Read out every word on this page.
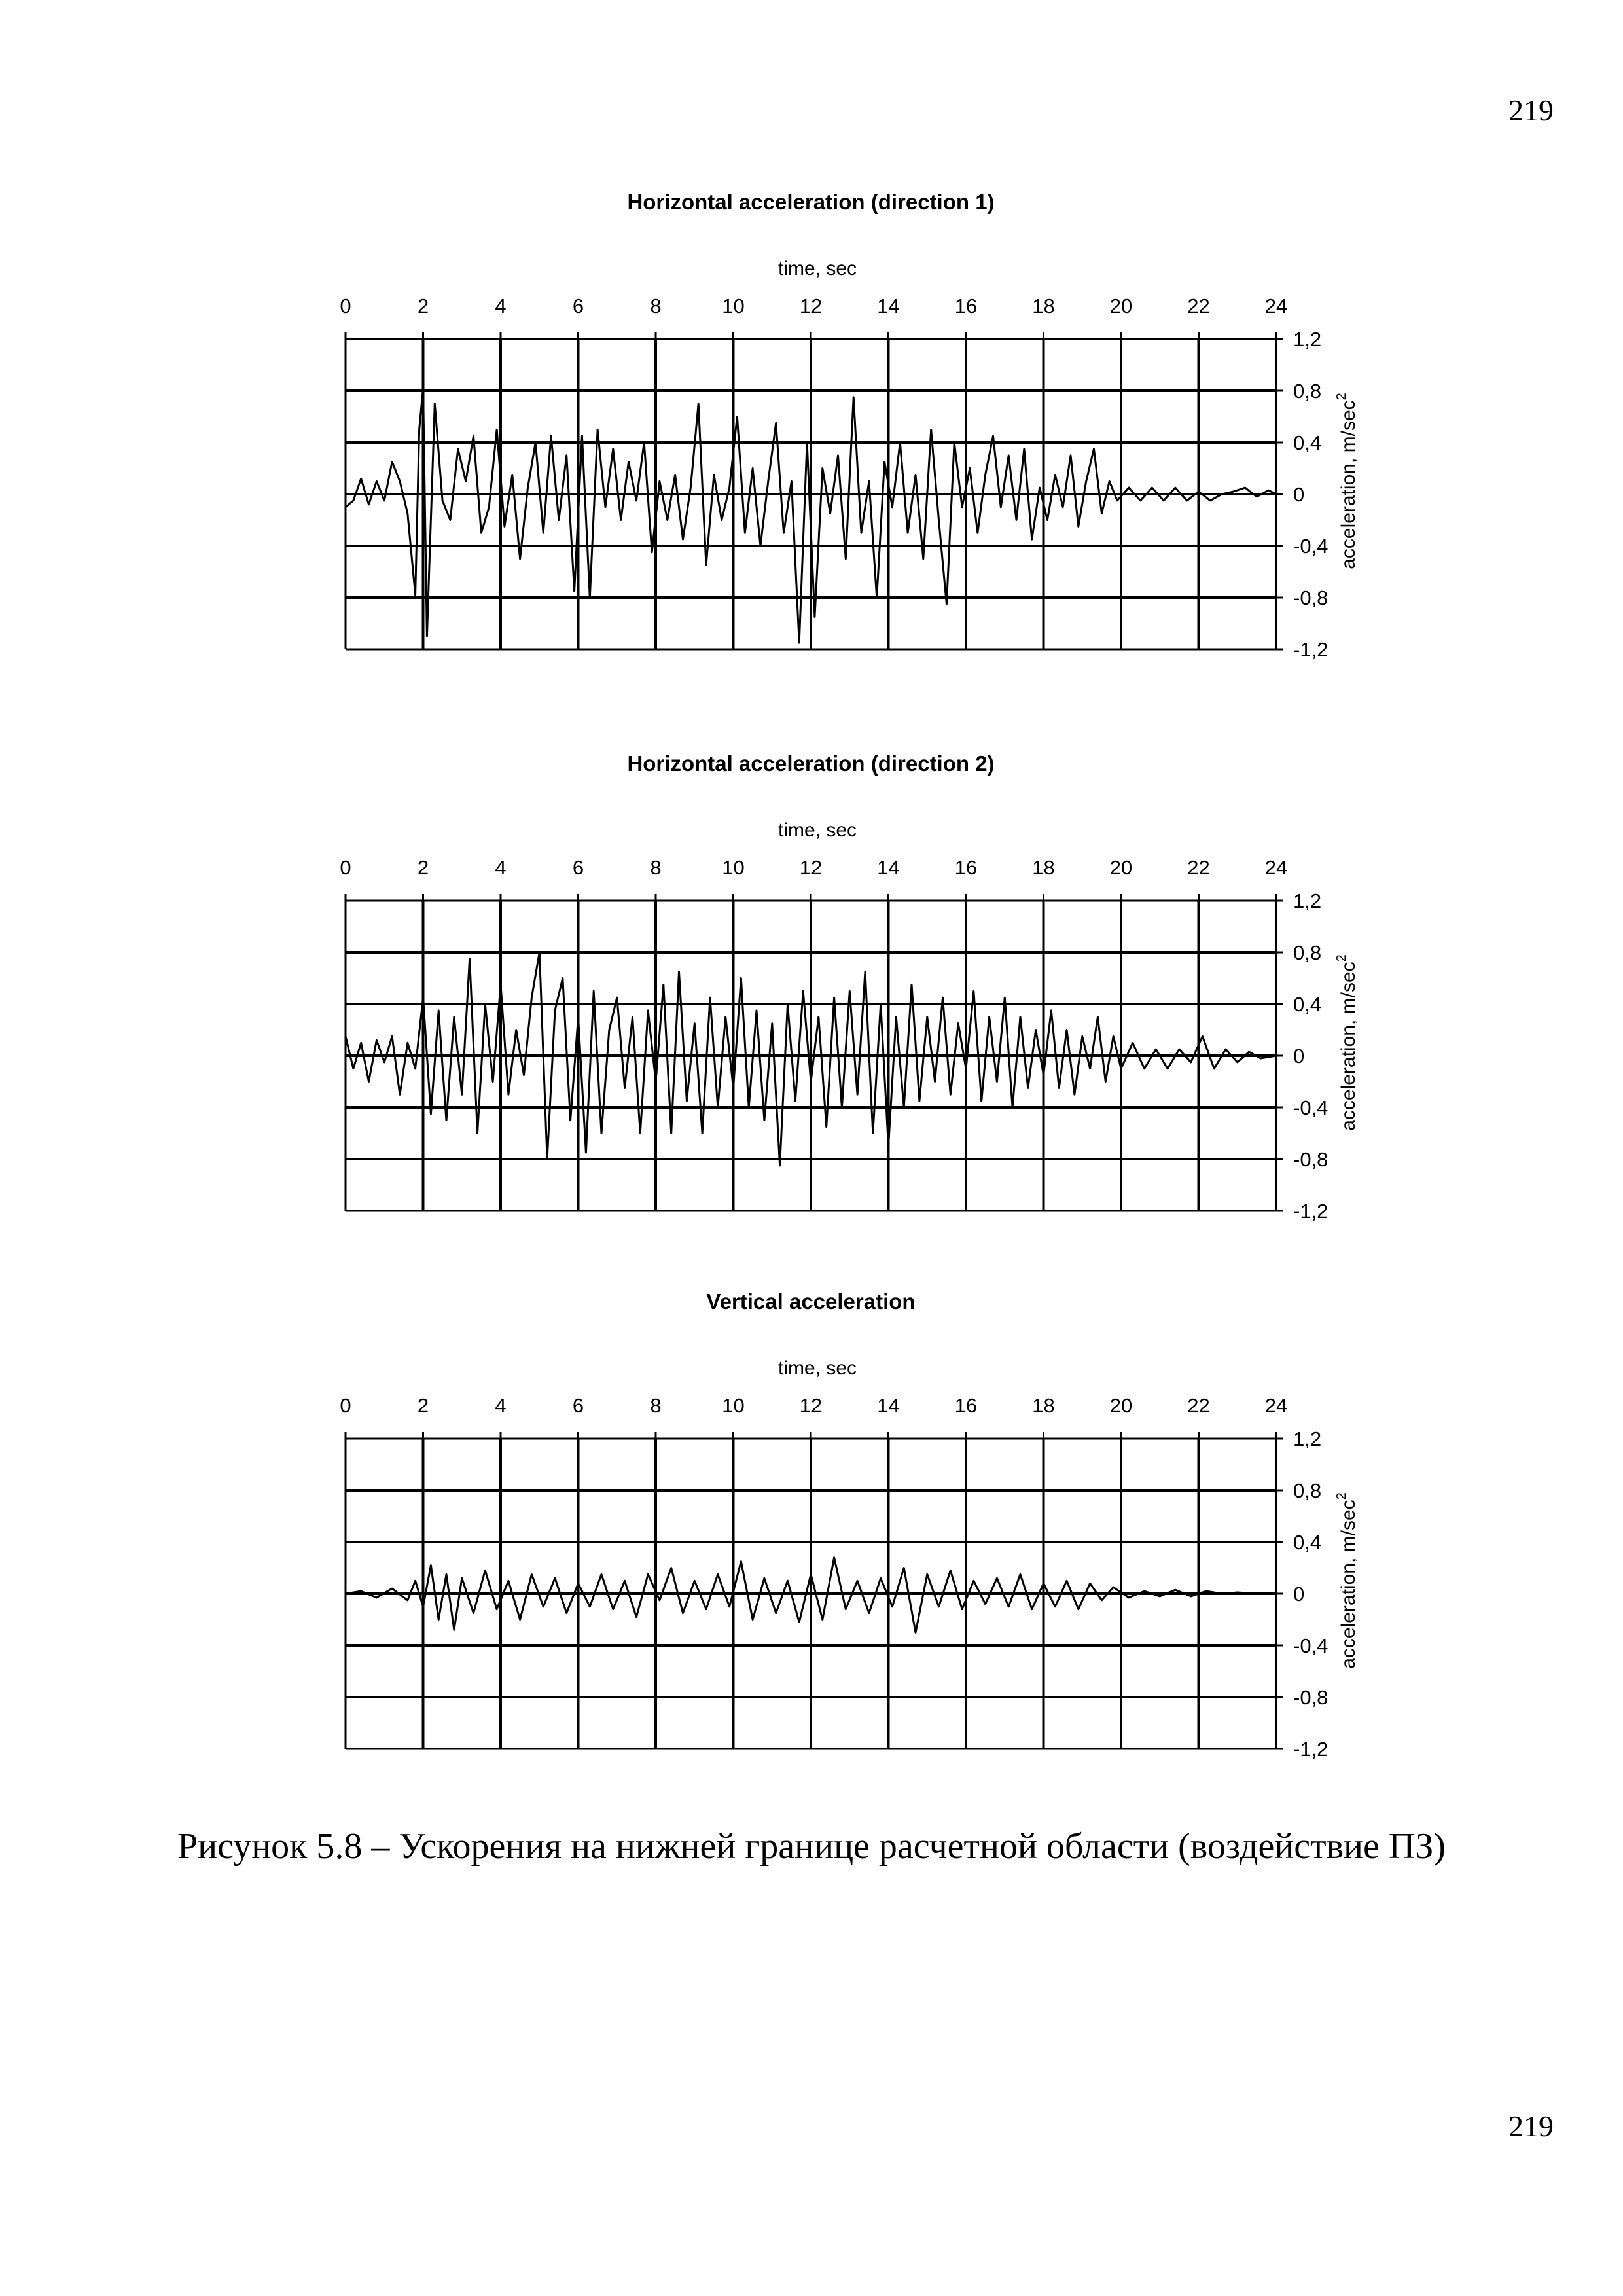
219
Horizontal acceleration (direction 1)
time, sec
0	2	4	6	8	10	12	14	16	18	20	22	24
1,2
0,8
0,4
0
-0,4
-0,8
-1,2
acceleration, $m/\sec^2$
Horizontal acceleration (direction 2)
time, sec
0	2	4	6	8	10	12	14	16	18	20	22	24
1,2
0,8
0,4
0
-0,4
-0,8
-1,2
acceleration, $m/\sec^2$
Vertical acceleration
time, sec
0	2	4	6	8	10	12	14	16	18	20	22	24
1,2
0,8
0,4
0
-0,4
-0,8
-1,2
acceleration, $m/\sec^2$
Рисунок 5.8 – Ускорения на нижней границе расчетной области (воздействие ПЗ)
219
